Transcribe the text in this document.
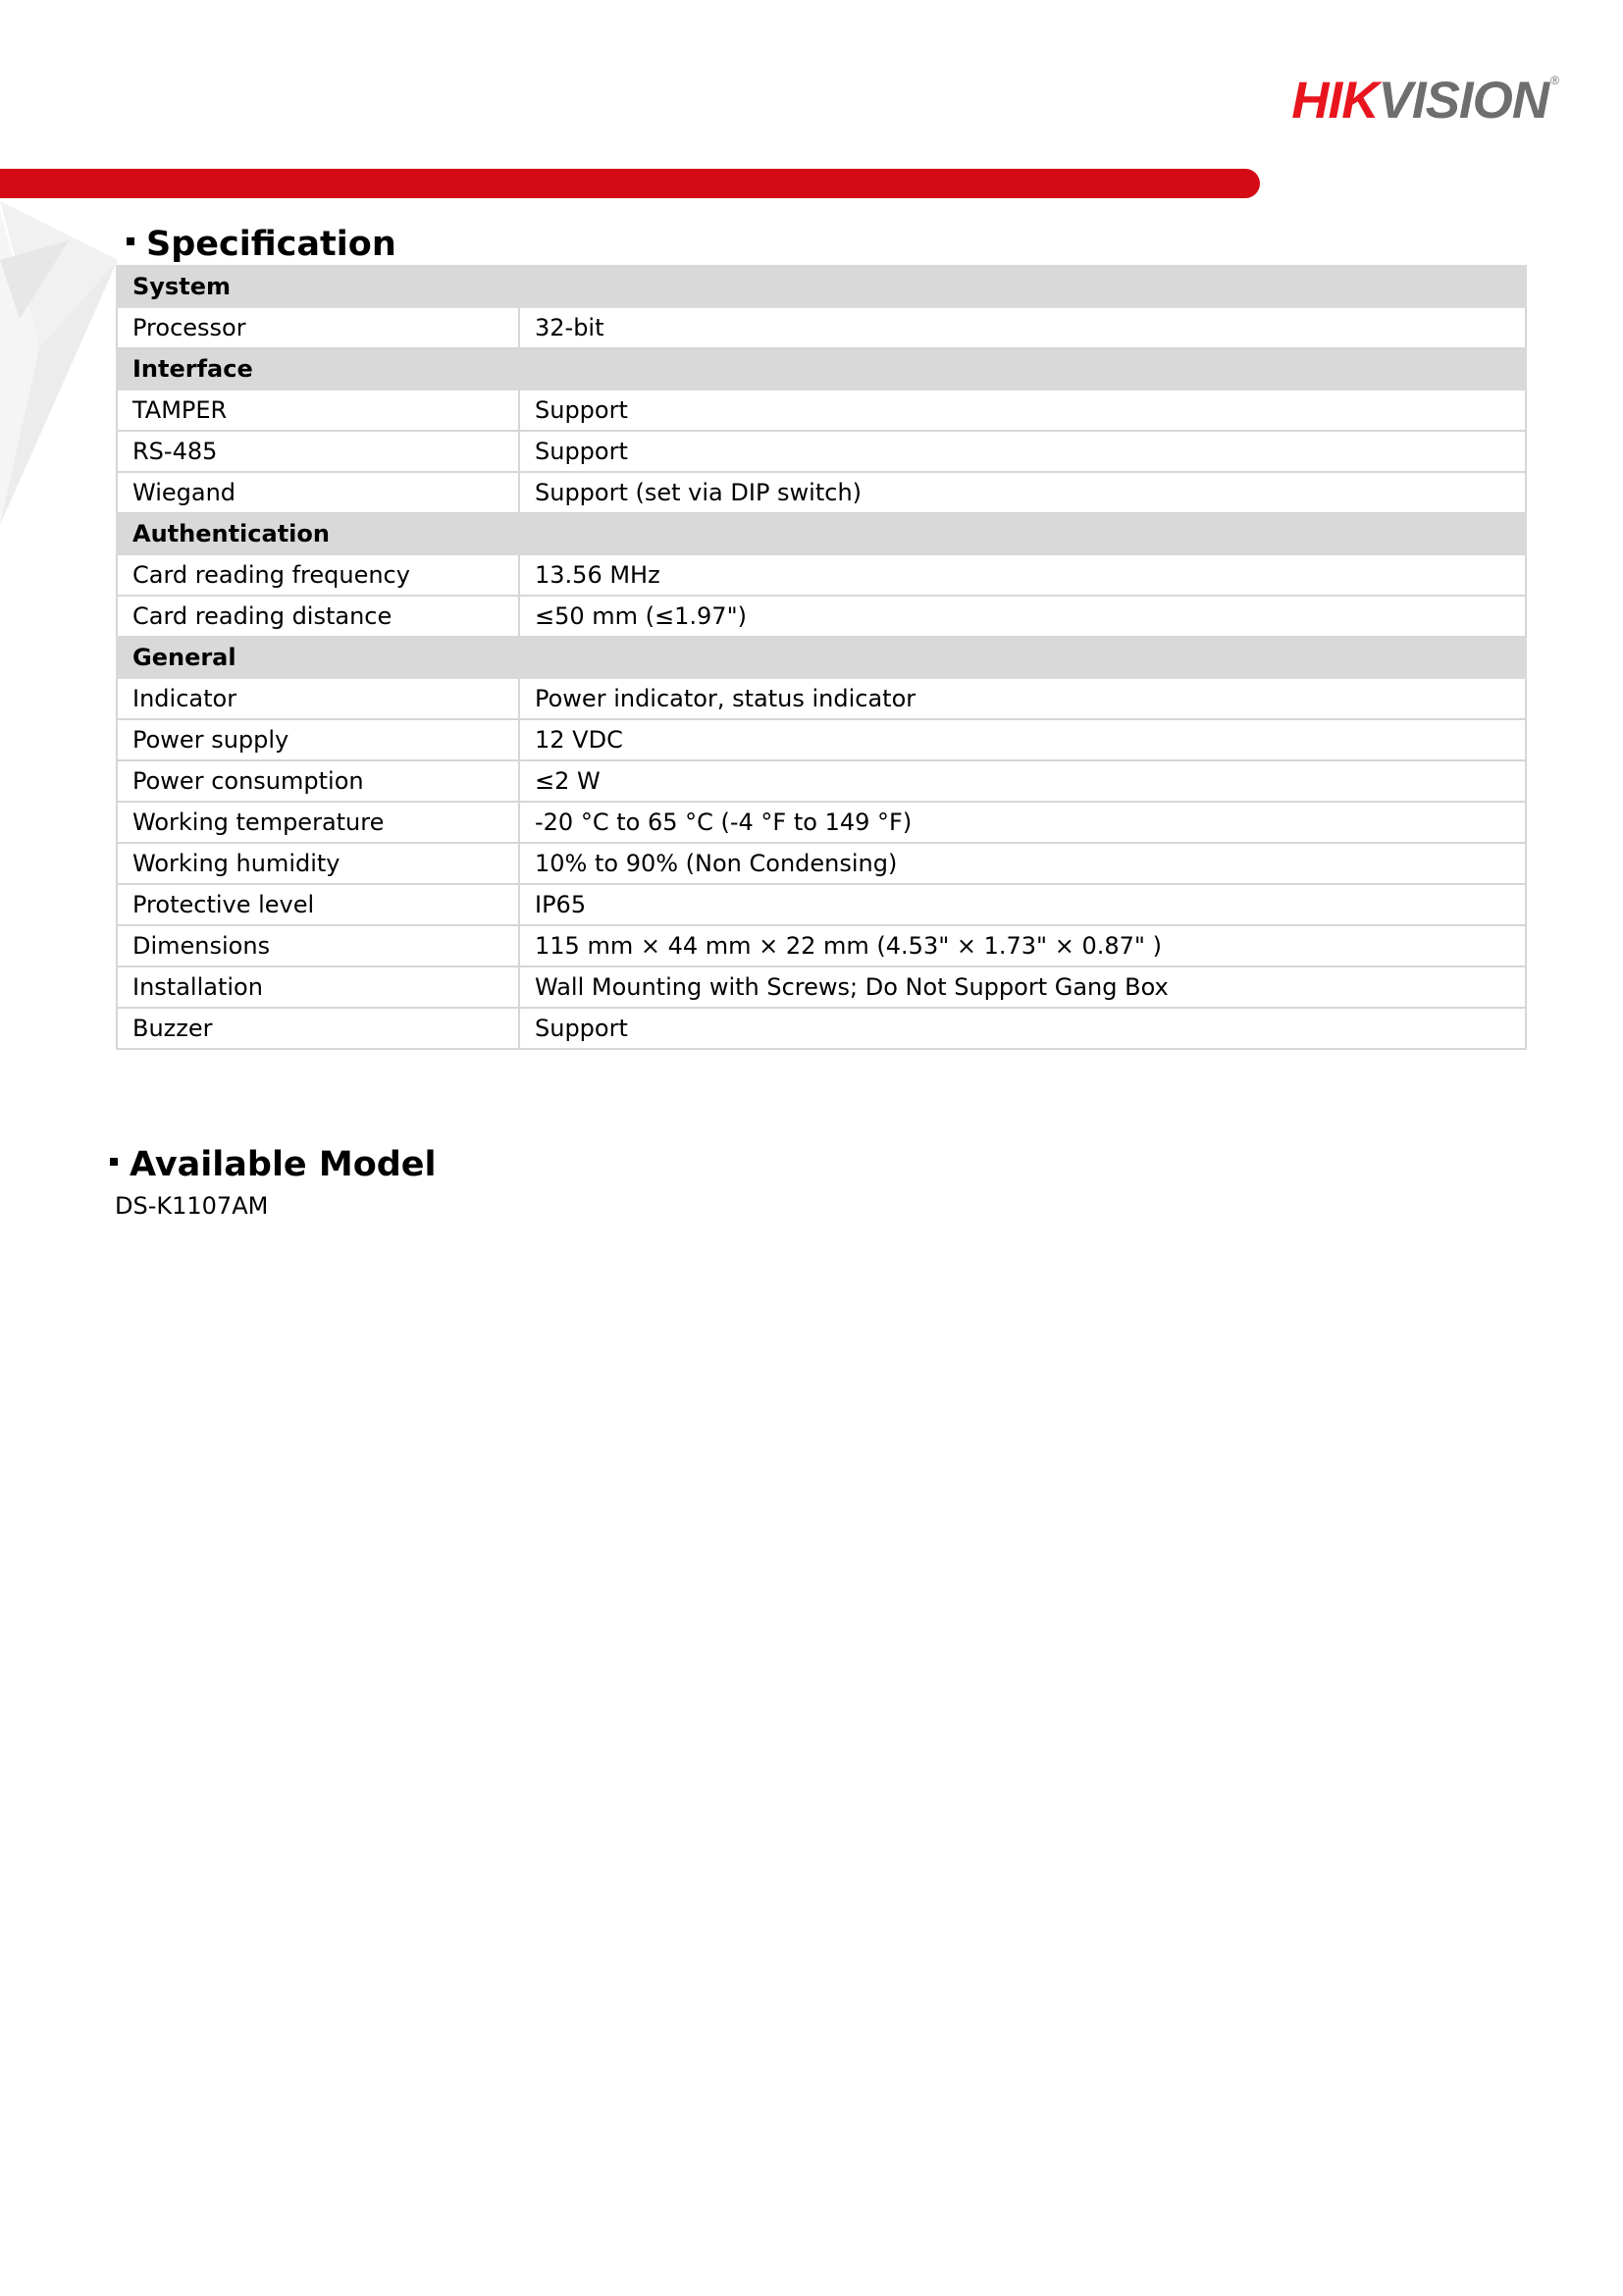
HIKVISION ®
Specification
System	
Processor	32-bit
Interface	
TAMPER	Support
RS-485	Support
Wiegand	Support (set via DIP switch)
Authentication	
Card reading frequency	13.56 MHz
Card reading distance	≤50 mm (≤1.97")
General	
Indicator	Power indicator, status indicator
Power supply	12 VDC
Power consumption	≤2 W
Working temperature	-20 °C to 65 °C (-4 °F to 149 °F)
Working humidity	10% to 90% (Non Condensing)
Protective level	IP65
Dimensions	115 mm × 44 mm × 22 mm (4.53" × 1.73" × 0.87" )
Installation	Wall Mounting with Screws; Do Not Support Gang Box
Buzzer	Support
Available Model
DS-K1107AM
